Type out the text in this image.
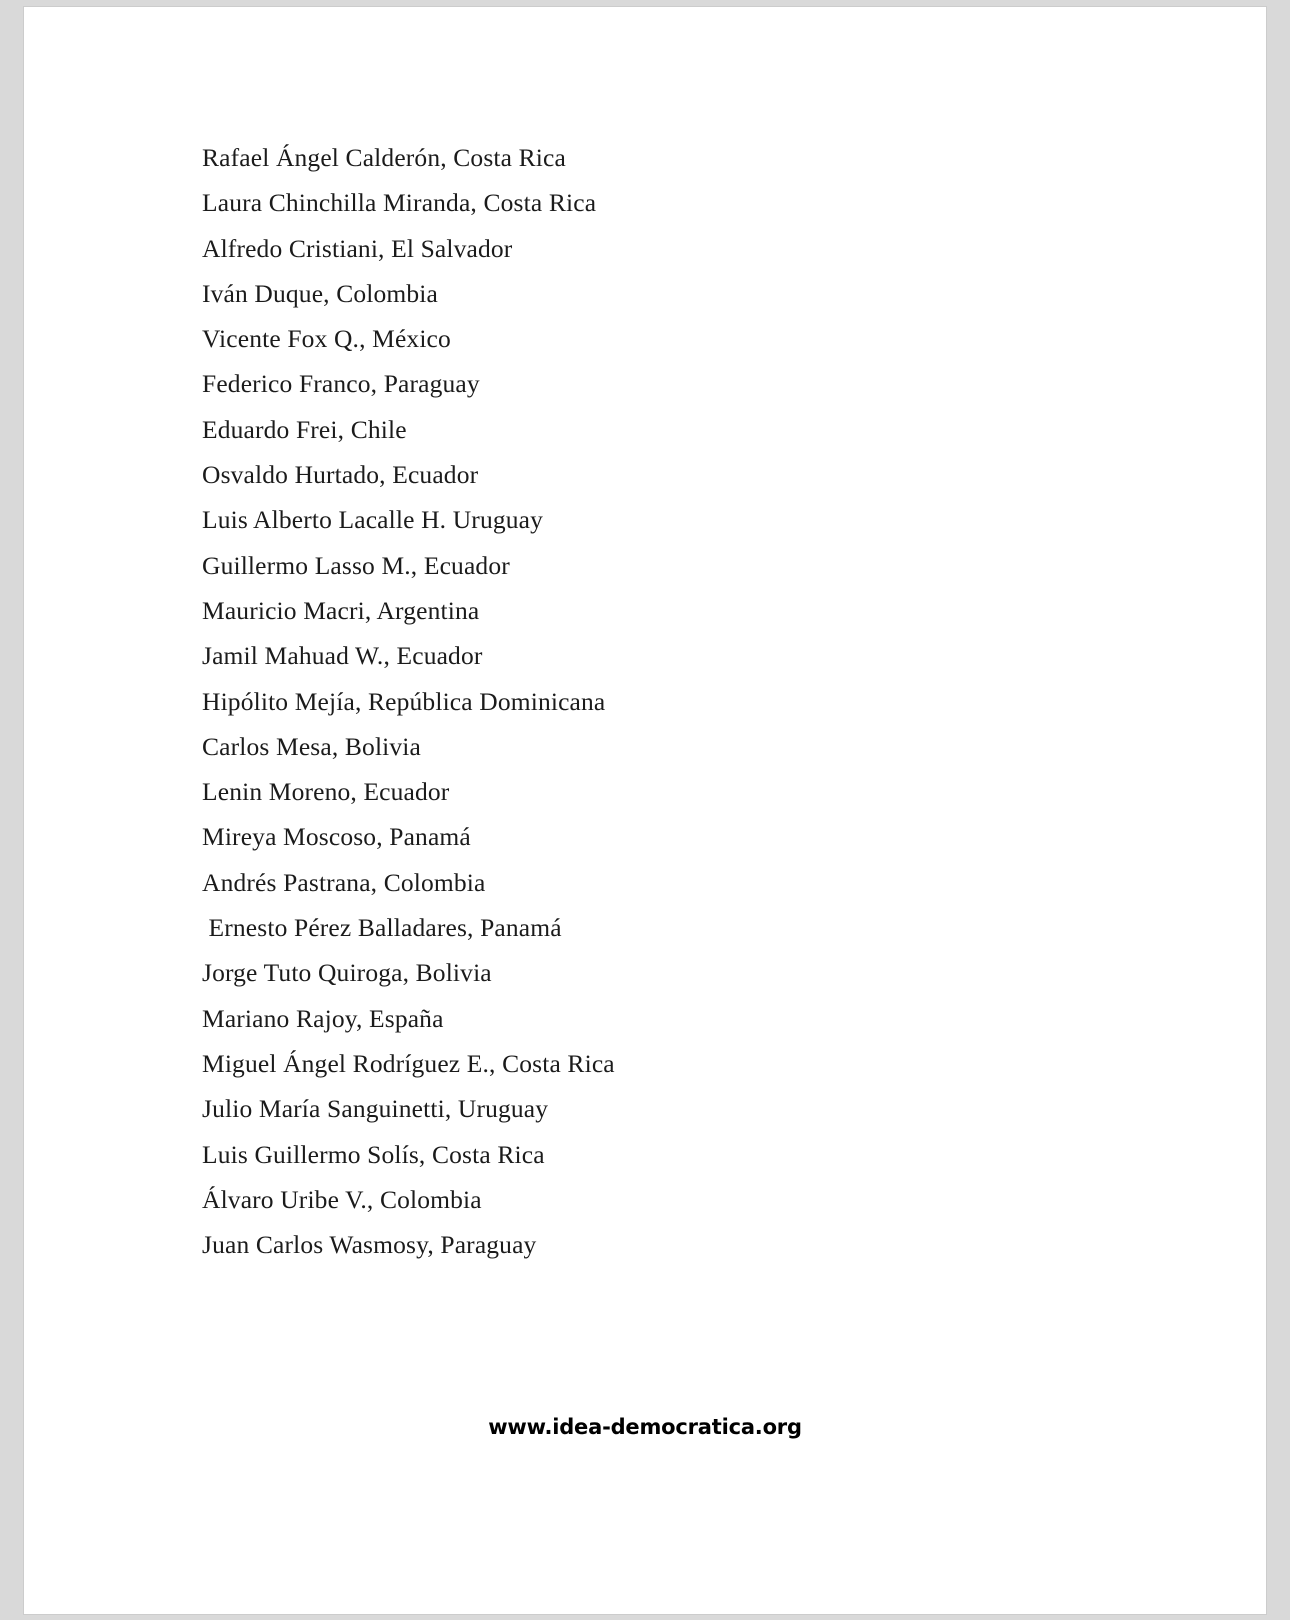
Rafael Ángel Calderón, Costa Rica
Laura Chinchilla Miranda, Costa Rica
Alfredo Cristiani, El Salvador
Iván Duque, Colombia
Vicente Fox Q., México
Federico Franco, Paraguay
Eduardo Frei, Chile
Osvaldo Hurtado, Ecuador
Luis Alberto Lacalle H. Uruguay
Guillermo Lasso M., Ecuador
Mauricio Macri, Argentina
Jamil Mahuad W., Ecuador
Hipólito Mejía, República Dominicana
Carlos Mesa, Bolivia
Lenin Moreno, Ecuador
Mireya Moscoso, Panamá
Andrés Pastrana, Colombia
Ernesto Pérez Balladares, Panamá
Jorge Tuto Quiroga, Bolivia
Mariano Rajoy, España
Miguel Ángel Rodríguez E., Costa Rica
Julio María Sanguinetti, Uruguay
Luis Guillermo Solís, Costa Rica
Álvaro Uribe V., Colombia
Juan Carlos Wasmosy, Paraguay
www.idea-democratica.org
